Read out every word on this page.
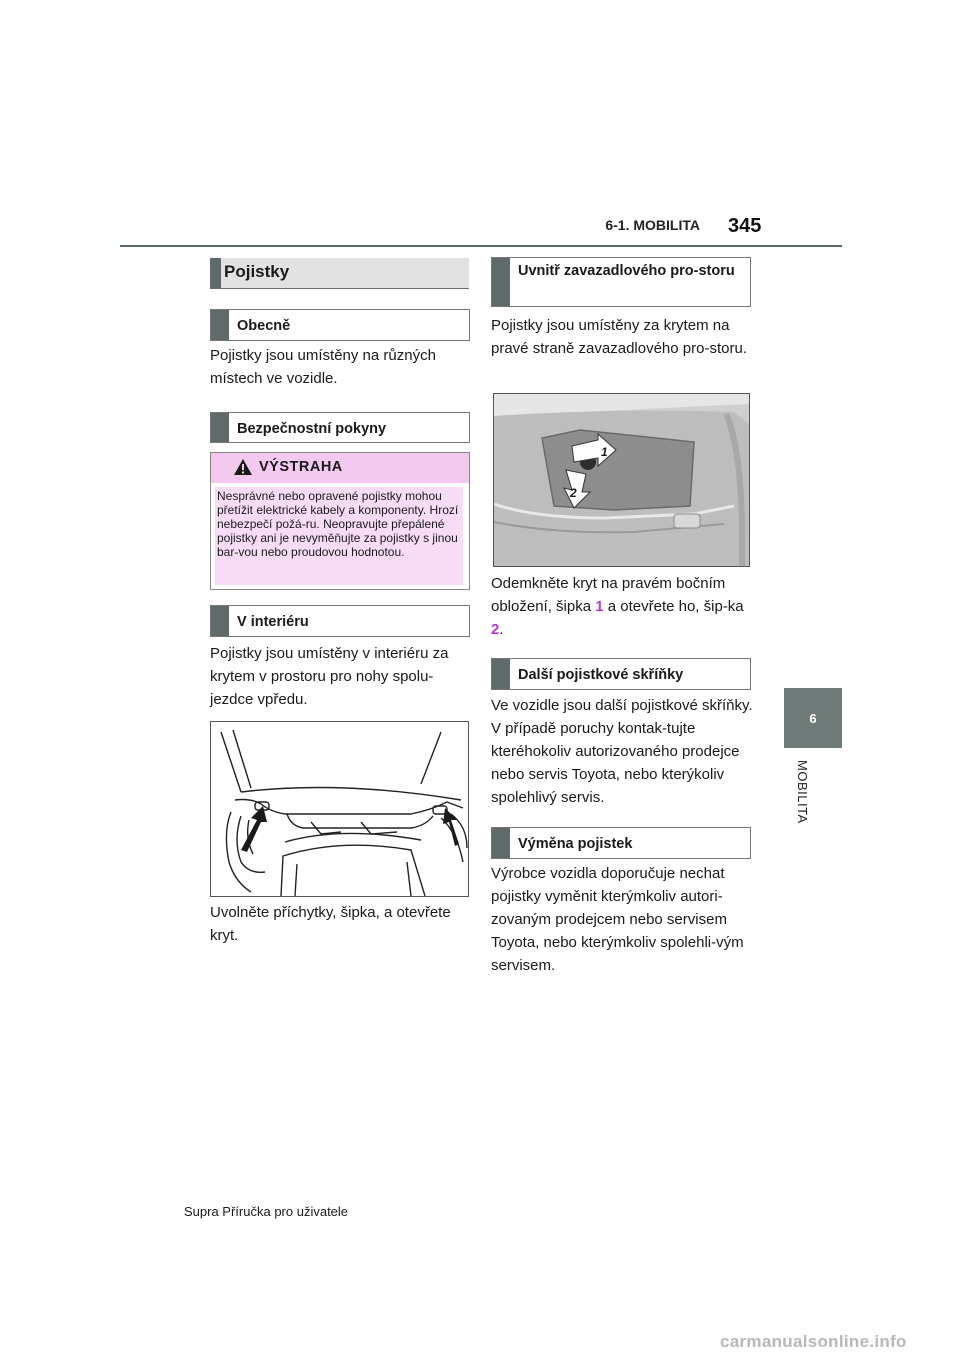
6-1. MOBILITA 345
6
MOBILITA
Pojistky
Obecně
Pojistky jsou umístěny na různých místech ve vozidle.
Bezpečnostní pokyny
VÝSTRAHA
Nesprávné nebo opravené pojistky mohou přetížit elektrické kabely a komponenty. Hrozí nebezpečí požá-ru. Neopravujte přepálené pojistky ani je nevyměňujte za pojistky s jinou bar-vou nebo proudovou hodnotou.
V interiéru
Pojistky jsou umístěny v interiéru za krytem v prostoru pro nohy spolu-jezdce vpředu.
Uvolněte příchytky, šipka, a otevřete kryt.
Uvnitř zavazadlového pro-storu
Pojistky jsou umístěny za krytem na pravé straně zavazadlového pro-storu.
1
2
Odemkněte kryt na pravém bočním obložení, šipka 1 a otevřete ho, šip-ka 2.
Další pojistkové skříňky
Ve vozidle jsou další pojistkové skříňky. V případě poruchy kontak-tujte kteréhokoliv autorizovaného prodejce nebo servis Toyota, nebo kterýkoliv spolehlivý servis.
Výměna pojistek
Výrobce vozidla doporučuje nechat pojistky vyměnit kterýmkoliv autori-zovaným prodejcem nebo servisem Toyota, nebo kterýmkoliv spolehli-vým servisem.
Supra Příručka pro uživatele
carmanualsonline.info
